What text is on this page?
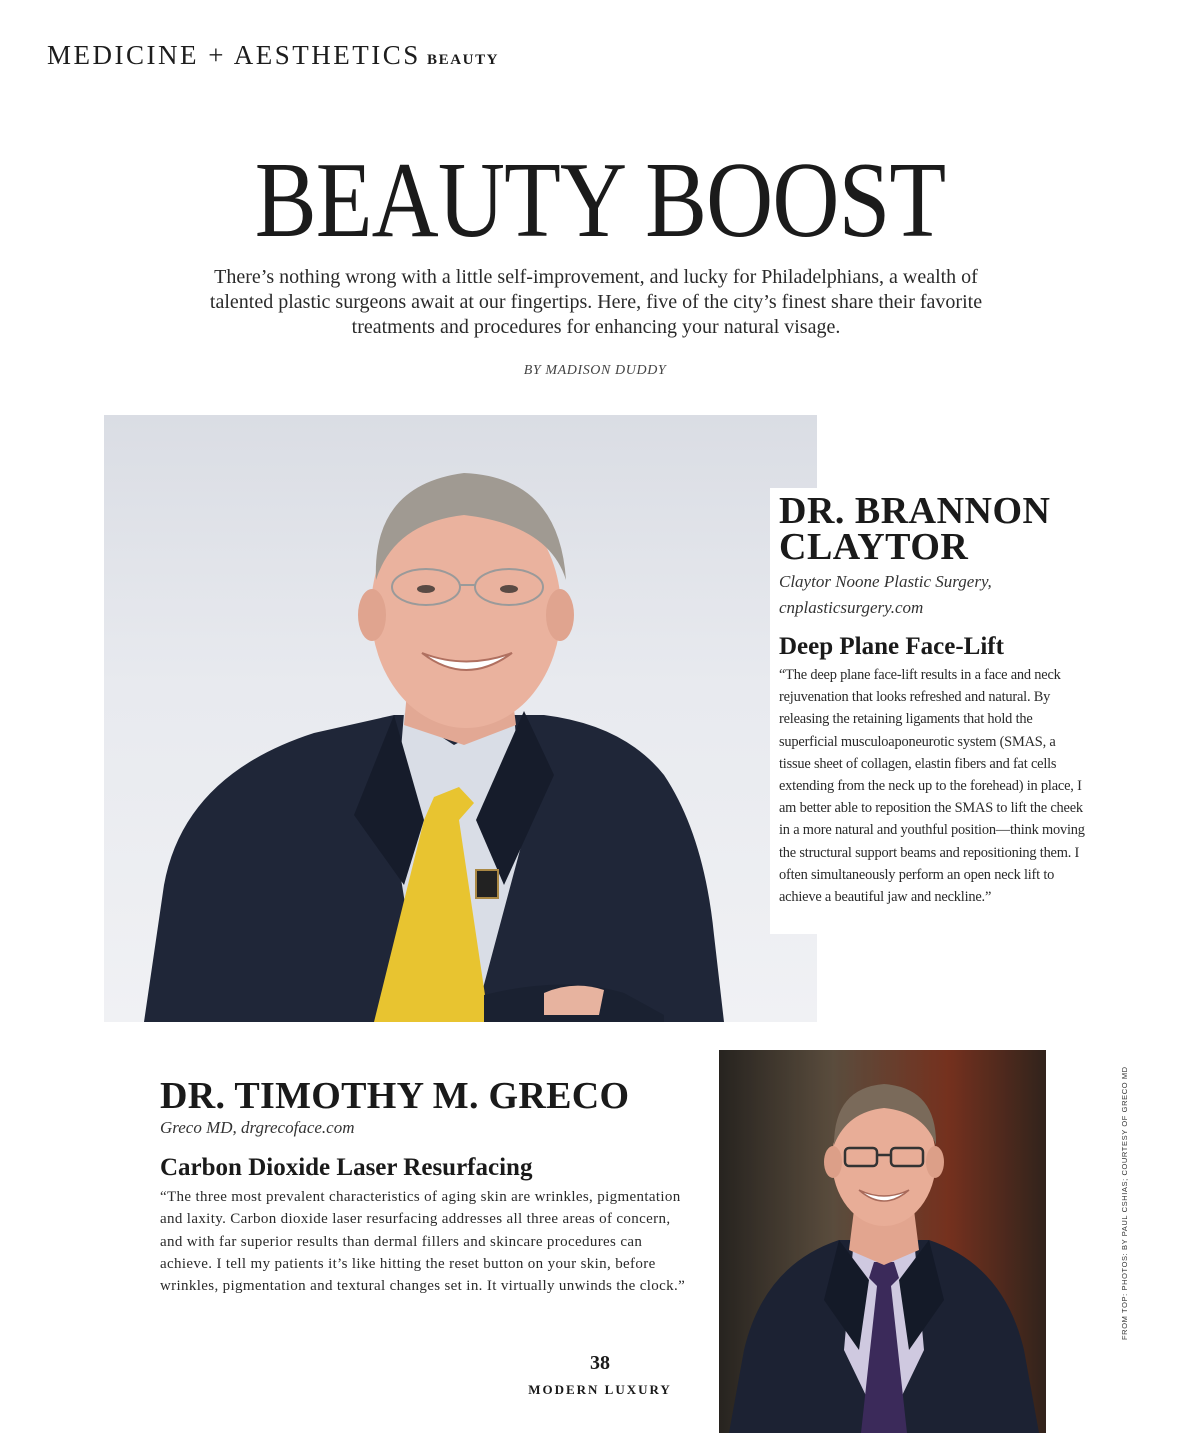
MEDICINE + AESTHETICS BEAUTY
BEAUTY BOOST
There’s nothing wrong with a little self-improvement, and lucky for Philadelphians, a wealth of talented plastic surgeons await at our fingertips. Here, five of the city’s finest share their favorite treatments and procedures for enhancing your natural visage.
BY MADISON DUDDY
DR. BRANNON CLAYTOR
Claytor Noone Plastic Surgery, cnplasticsurgery.com
Deep Plane Face-Lift
“The deep plane face-lift results in a face and neck rejuvenation that looks refreshed and natural. By releasing the retaining ligaments that hold the superficial musculoaponeurotic system (SMAS, a tissue sheet of collagen, elastin fibers and fat cells extending from the neck up to the forehead) in place, I am better able to reposition the SMAS to lift the cheek in a more natural and youthful position—think moving the structural support beams and repositioning them. I often simultaneously perform an open neck lift to achieve a beautiful jaw and neckline.”
DR. TIMOTHY M. GRECO
Greco MD, drgrecoface.com
Carbon Dioxide Laser Resurfacing
“The three most prevalent characteristics of aging skin are wrinkles, pigmentation and laxity. Carbon dioxide laser resurfacing addresses all three areas of concern, and with far superior results than dermal fillers and skincare procedures can achieve. I tell my patients it’s like hitting the reset button on your skin, before wrinkles, pigmentation and textural changes set in. It virtually unwinds the clock.”
38
MODERN LUXURY
FROM TOP: PHOTOS: BY PAUL CSHIAS; COURTESY OF GRECO MD
